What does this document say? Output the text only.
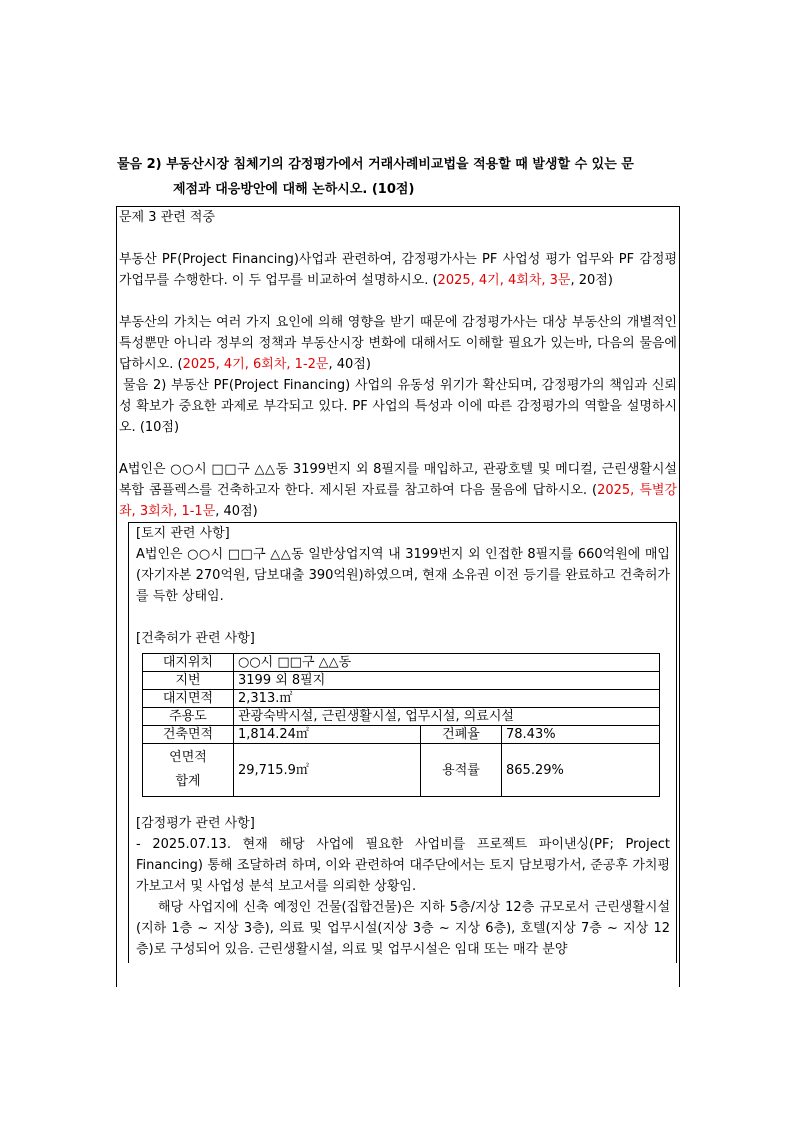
물음 2) 부동산시장 침체기의 감정평가에서 거래사례비교법을 적용할 때 발생할 수 있는 문
제점과 대응방안에 대해 논하시오. (10점)

문제 3 관련 적중

부동산 PF(Project Financing)사업과 관련하여, 감정평가사는 PF 사업성 평가 업무와 PF 감정평가업무를 수행한다. 이 두 업무를 비교하여 설명하시오. (2025, 4기, 4회차, 3문, 20점)

부동산의 가치는 여러 가지 요인에 의해 영향을 받기 때문에 감정평가사는 대상 부동산의 개별적인 특성뿐만 아니라 정부의 정책과 부동산시장 변화에 대해서도 이해할 필요가 있는바, 다음의 물음에 답하시오. (2025, 4기, 6회차, 1-2문, 40점)

물음 2) 부동산 PF(Project Financing) 사업의 유동성 위기가 확산되며, 감정평가의 책임과 신뢰성 확보가 중요한 과제로 부각되고 있다. PF 사업의 특성과 이에 따른 감정평가의 역할을 설명하시오. (10점)

A법인은 ○○시 □□구 △△동 3199번지 외 8필지를 매입하고, 관광호텔 및 메디컬, 근린생활시설 복합 콤플렉스를 건축하고자 한다. 제시된 자료를 참고하여 다음 물음에 답하시오. (2025, 특별강좌, 3회차, 1-1문, 40점)

[토지 관련 사항]

A법인은 ○○시 □□구 △△동 일반상업지역 내 3199번지 외 인접한 8필지를 660억원에 매입(자기자본 270억원, 담보대출 390억원)하였으며, 현재 소유권 이전 등기를 완료하고 건축허가를 득한 상태임.

[건축허가 관련 사항]

대지위치	○○시 □□구 △△동		
지번	3199 외 8필지		
대지면적	2,313.㎡		
주용도	관광숙박시설, 근린생활시설, 업무시설, 의료시설		
건축면적	1,814.24㎡	건폐율	78.43%
연면적
합계	29,715.9㎡	용적률	865.29%

[감정평가 관련 사항]

- 2025.07.13. 현재 해당 사업에 필요한 사업비를 프로젝트 파이낸싱(PF; Project Financing) 통해 조달하려 하며, 이와 관련하여 대주단에서는 토지 담보평가서, 준공후 가치평가보고서 및 사업성 분석 보고서를 의뢰한 상황임.

해당 사업지에 신축 예정인 건물(집합건물)은 지하 5층/지상 12층 규모로서 근린생활시설(지하 1층 ~ 지상 3층), 의료 및 업무시설(지상 3층 ~ 지상 6층), 호텔(지상 7층 ~ 지상 12층)로 구성되어 있음. 근린생활시설, 의료 및 업무시설은 임대 또는 매각 분양
